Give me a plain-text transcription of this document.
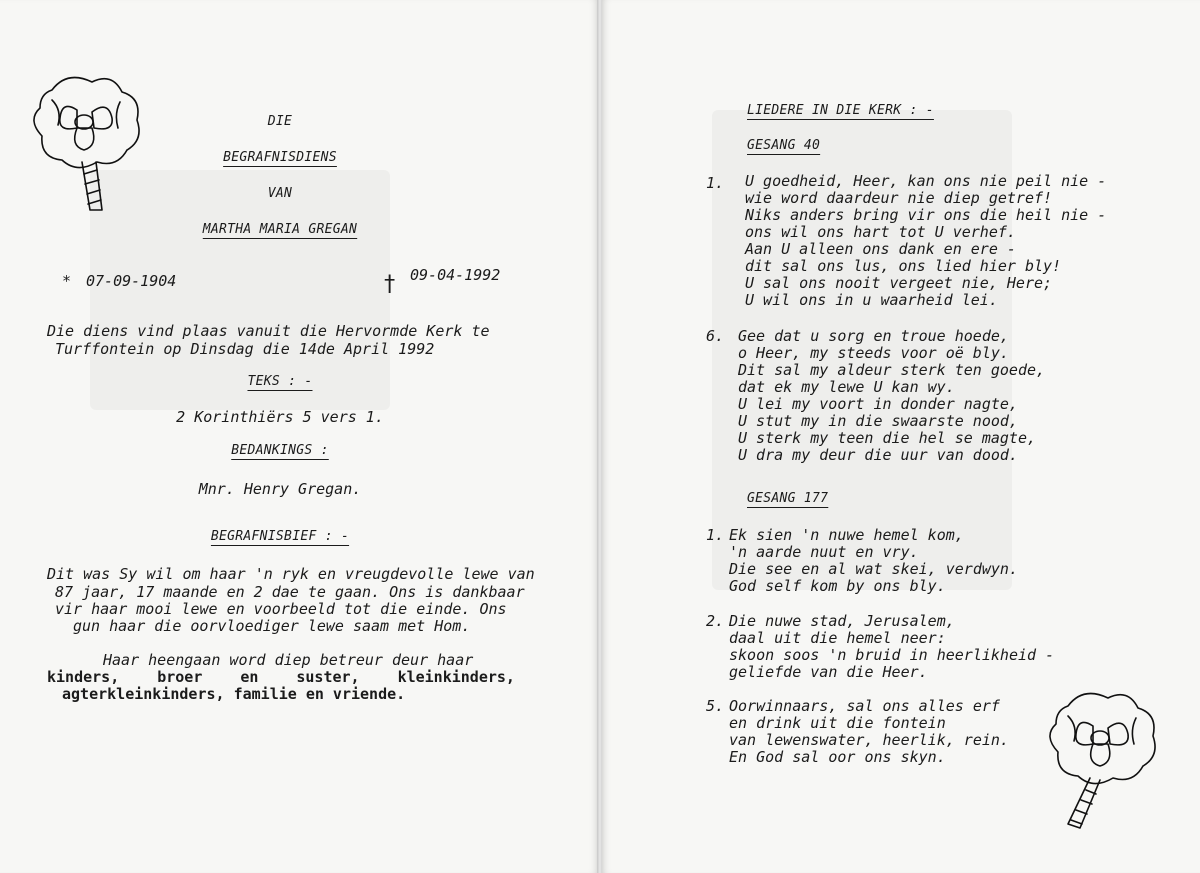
DIE
BEGRAFNISDIENS
VAN
MARTHA MARIA GREGAN
* 07-09-1904	† 09-04-1992
Die diens vind plaas vanuit die Hervormde Kerk te
Turffontein op Dinsdag die 14de April 1992
TEKS : -
2 Korinthiërs 5 vers 1.
BEDANKINGS :
Mnr. Henry Gregan.
BEGRAFNISBIEF : -
Dit was Sy wil om haar 'n ryk en vreugdevolle lewe van
87 jaar, 17 maande en 2 dae te gaan. Ons is dankbaar
vir haar mooi lewe en voorbeeld tot die einde. Ons
gun haar die oorvloediger lewe saam met Hom.
Haar heengaan word diep betreur deur haar
kinders,	broer	en	suster,	kleinkinders,
agterkleinkinders, familie en vriende.
LIEDERE IN DIE KERK : -
GESANG 40
1. U goedheid, Heer, kan ons nie peil nie -
wie word daardeur nie diep getref!
Niks anders bring vir ons die heil nie -
ons wil ons hart tot U verhef.
Aan U alleen ons dank en ere -
dit sal ons lus, ons lied hier bly!
U sal ons nooit vergeet nie, Here;
U wil ons in u waarheid lei.
6. Gee dat u sorg en troue hoede,
o Heer, my steeds voor oë bly.
Dit sal my aldeur sterk ten goede,
dat ek my lewe U kan wy.
U lei my voort in donder nagte,
U stut my in die swaarste nood,
U sterk my teen die hel se magte,
U dra my deur die uur van dood.
GESANG 177
1. Ek sien 'n nuwe hemel kom,
'n aarde nuut en vry.
Die see en al wat skei, verdwyn.
God self kom by ons bly.
2. Die nuwe stad, Jerusalem,
daal uit die hemel neer:
skoon soos 'n bruid in heerlikheid -
geliefde van die Heer.
5. Oorwinnaars, sal ons alles erf
en drink uit die fontein
van lewenswater, heerlik, rein.
En God sal oor ons skyn.
